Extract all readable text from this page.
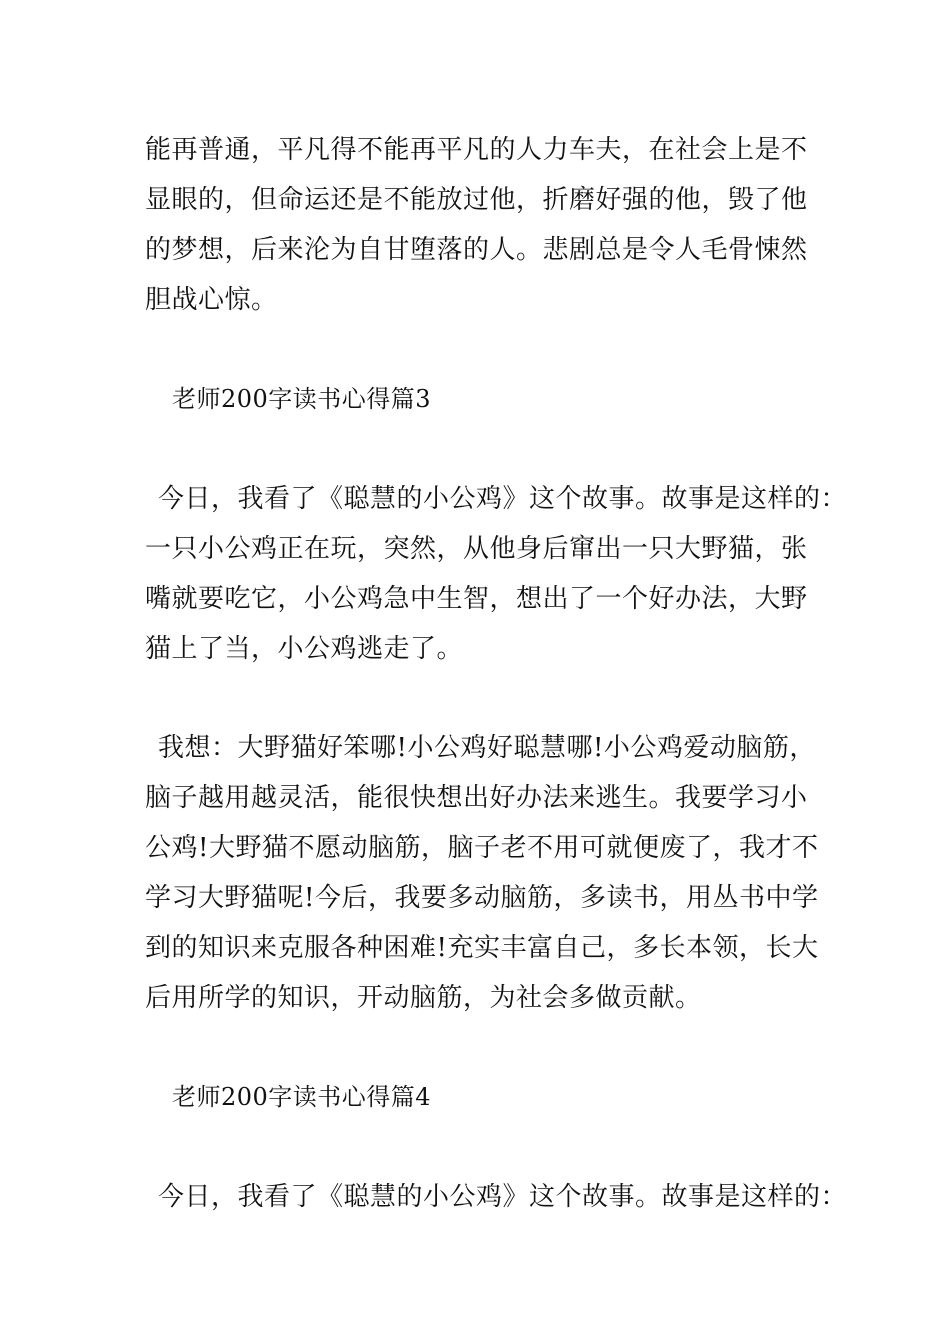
能再普通，平凡得不能再平凡的人力车夫，在社会上是不
显眼的，但命运还是不能放过他，折磨好强的他，毁了他
的梦想，后来沦为自甘堕落的人。悲剧总是令人毛骨悚然
胆战心惊。
老师200字读书心得篇3
今日，我看了《聪慧的小公鸡》这个故事。故事是这样的：
一只小公鸡正在玩，突然，从他身后窜出一只大野猫，张
嘴就要吃它，小公鸡急中生智，想出了一个好办法，大野
猫上了当，小公鸡逃走了。
我想：大野猫好笨哪!小公鸡好聪慧哪!小公鸡爱动脑筋，
脑子越用越灵活，能很快想出好办法来逃生。我要学习小
公鸡!大野猫不愿动脑筋，脑子老不用可就便废了，我才不
学习大野猫呢!今后，我要多动脑筋，多读书，用丛书中学
到的知识来克服各种困难!充实丰富自己，多长本领，长大
后用所学的知识，开动脑筋，为社会多做贡献。
老师200字读书心得篇4
今日，我看了《聪慧的小公鸡》这个故事。故事是这样的：
